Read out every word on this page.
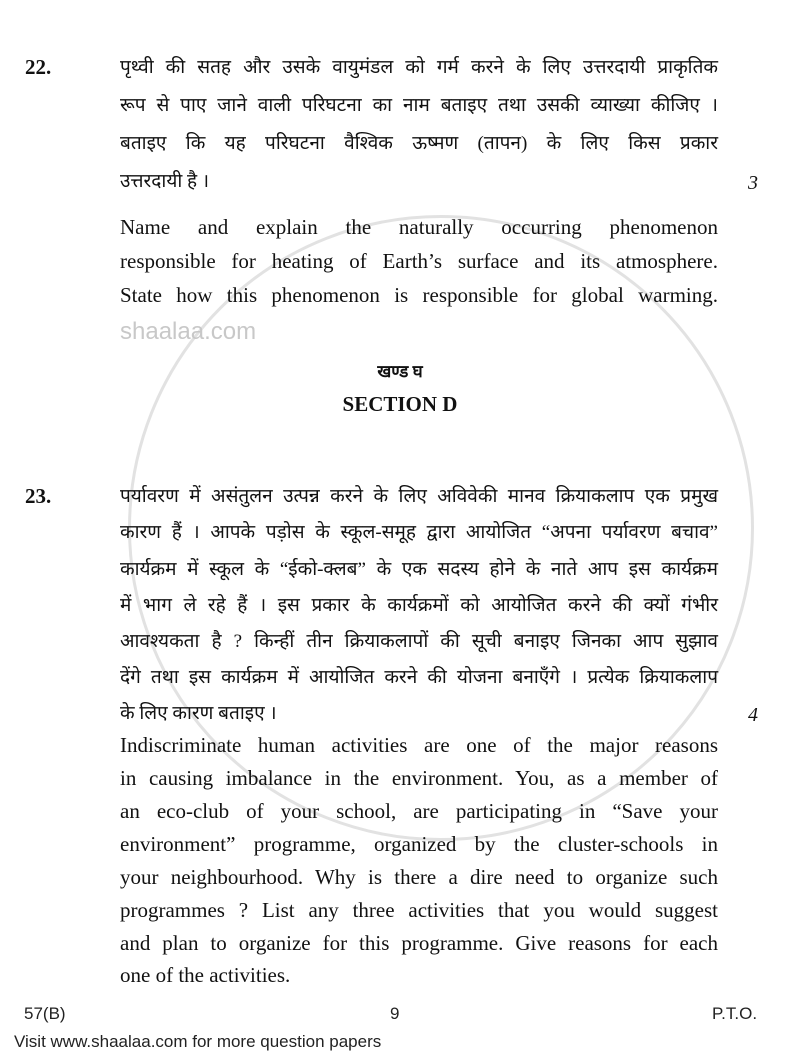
shaalaa.com
22.	पृथ्वी की सतह और उसके वायुमंडल को गर्म करने के लिए उत्तरदायी प्राकृतिक
रूप से पाए जाने वाली परिघटना का नाम बताइए तथा उसकी व्याख्या कीजिए ।
बताइए कि यह परिघटना वैश्विक ऊष्मण (तापन) के लिए किस प्रकार
उत्तरदायी है ।	3
Name and explain the naturally occurring phenomenon
responsible for heating of Earth’s surface and its atmosphere.
State how this phenomenon is responsible for global warming.
खण्ड घ
SECTION D
23.	पर्यावरण में असंतुलन उत्पन्न करने के लिए अविवेकी मानव क्रियाकलाप एक प्रमुख
कारण हैं । आपके पड़ोस के स्कूल-समूह द्वारा आयोजित “अपना पर्यावरण बचाव”
कार्यक्रम में स्कूल के “ईको-क्लब” के एक सदस्य होने के नाते आप इस कार्यक्रम
में भाग ले रहे हैं । इस प्रकार के कार्यक्रमों को आयोजित करने की क्यों गंभीर
आवश्यकता है ? किन्हीं तीन क्रियाकलापों की सूची बनाइए जिनका आप सुझाव
देंगे तथा इस कार्यक्रम में आयोजित करने की योजना बनाएँगे । प्रत्येक क्रियाकलाप
के लिए कारण बताइए ।	4
Indiscriminate human activities are one of the major reasons
in causing imbalance in the environment. You, as a member of
an eco-club of your school, are participating in “Save your
environment” programme, organized by the cluster-schools in
your neighbourhood. Why is there a dire need to organize such
programmes ? List any three activities that you would suggest
and plan to organize for this programme. Give reasons for each
one of the activities.
57(B)	9	P.T.O.
Visit www.shaalaa.com for more question papers
